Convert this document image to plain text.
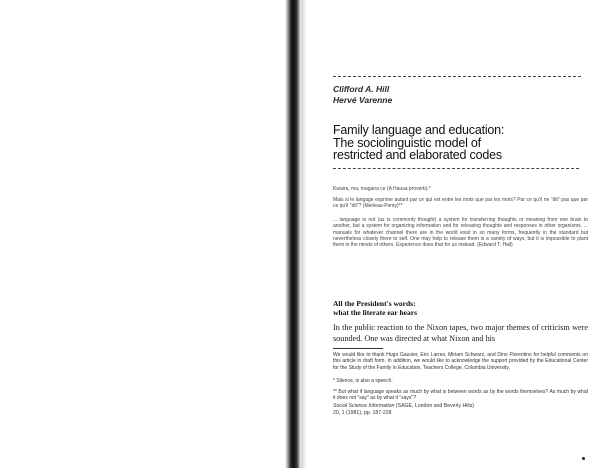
Clifford A. Hill
Hervé Varenne
Family language and education:
The sociolinguistic model of
restricted and elaborated codes
Kwaira, ma, magana ce (A Hausa proverb).*
Mais si le langage exprime autant par ce qui est entre les mots que par les mots? Par ce qu'il ne "dit" pas que par ce qu'il "dit"? (Merleau-Ponty)**
... language is not (as is commonly thought) a system for transferring thoughts or meaning from one brain to another, but a system for organizing information and for releasing thoughts and responses in other organisms. ... manuals for whatever channel there are in the world exist in so many forms, frequently in the standard but nevertheless closely there to self. One may help to release them is a variety of ways, but it is impossible to plant them in the minds of others. Experience does that for us instead. (Edward T. Hall)
All the President's words:
what the literate ear hears
In the public reaction to the Nixon tapes, two major themes of criticism were sounded. One was directed at what Nixon and his
We would like to thank Hugo Gauvier, Eric Larres, Miriam Schwarz, and Dino Florentino for helpful comments on this article in draft form. In addition, we would like to acknowledge the support provided by the Educational Center for the Study of the Family in Education, Teachers College, Columbia University.
* Silence, is also a speech.
** But what if language speaks as much by what is between words as by the words themselves? As much by what it does not "say" as by what it "says"?
Social Science Information (SAGE, London and Beverly Hills)
20, 1 (1981), pp. 187-228
